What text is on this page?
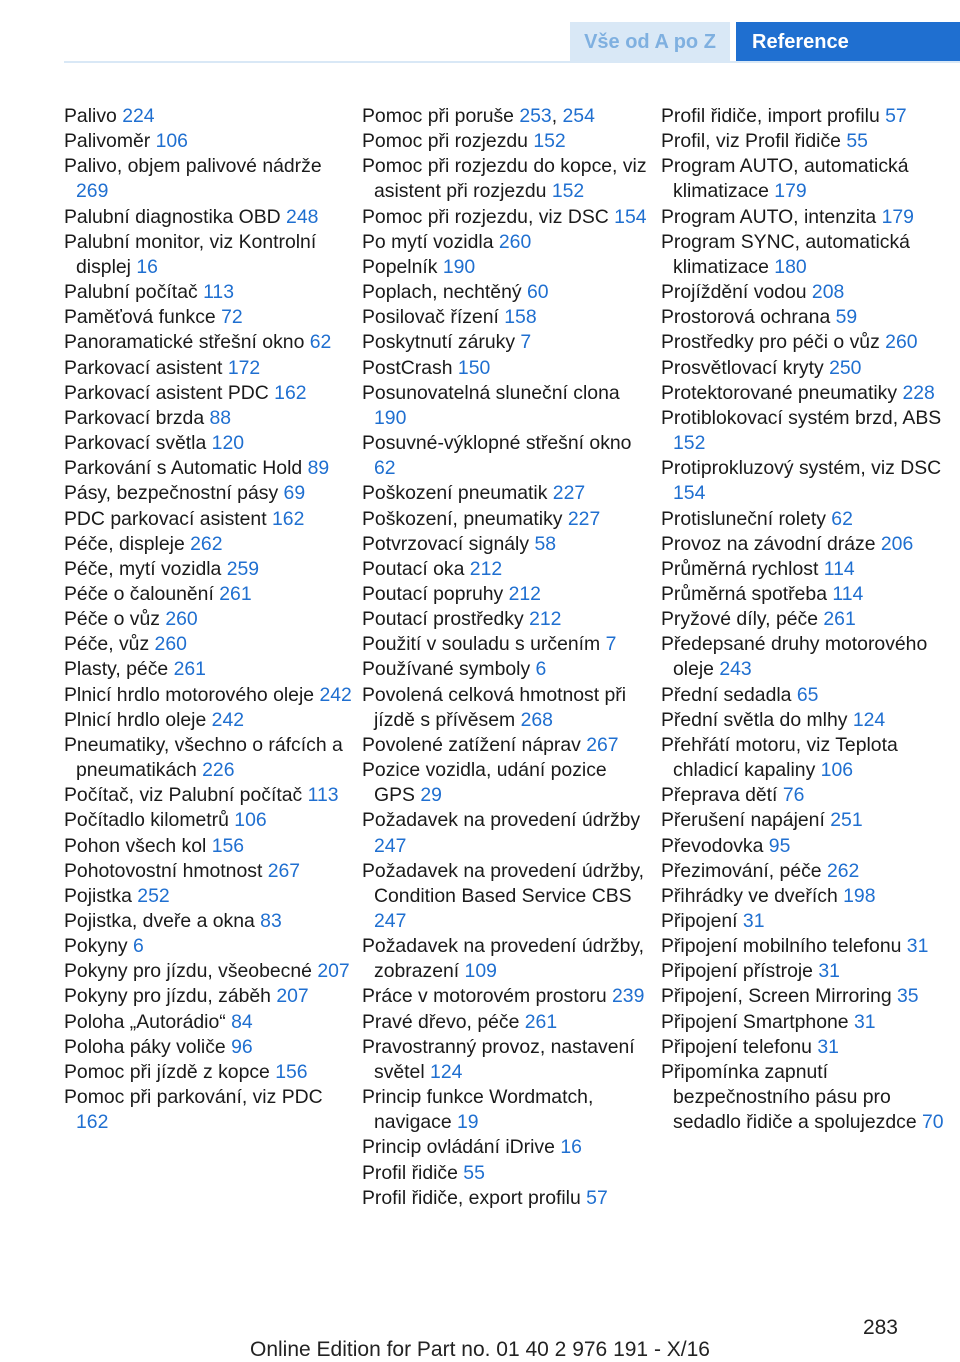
Vše od A po Z	Reference
Palivo 224
Palivoměr 106
Palivo, objem palivové nádrže 269
Palubní diagnostika OBD 248
Palubní monitor, viz Kontrolní displej 16
Palubní počítač 113
Paměťová funkce 72
Panoramatické střešní okno 62
Parkovací asistent 172
Parkovací asistent PDC 162
Parkovací brzda 88
Parkovací světla 120
Parkování s Automatic Hold 89
Pásy, bezpečnostní pásy 69
PDC parkovací asistent 162
Péče, displeje 262
Péče, mytí vozidla 259
Péče o čalounění 261
Péče o vůz 260
Péče, vůz 260
Plasty, péče 261
Plnicí hrdlo motorového oleje 242
Plnicí hrdlo oleje 242
Pneumatiky, všechno o ráfcích a pneumatikách 226
Počítač, viz Palubní počítač 113
Počítadlo kilometrů 106
Pohon všech kol 156
Pohotovostní hmotnost 267
Pojistka 252
Pojistka, dveře a okna 83
Pokyny 6
Pokyny pro jízdu, všeobecné 207
Pokyny pro jízdu, záběh 207
Poloha „Autorádio“ 84
Poloha páky voliče 96
Pomoc při jízdě z kopce 156
Pomoc při parkování, viz PDC 162
Pomoc při poruše 253, 254
Pomoc při rozjezdu 152
Pomoc při rozjezdu do kopce, viz asistent při rozjezdu 152
Pomoc při rozjezdu, viz DSC 154
Po mytí vozidla 260
Popelník 190
Poplach, nechtěný 60
Posilovač řízení 158
Poskytnutí záruky 7
PostCrash 150
Posunovatelná sluneční clona 190
Posuvné-výklopné střešní okno 62
Poškození pneumatik 227
Poškození, pneumatiky 227
Potvrzovací signály 58
Poutací oka 212
Poutací popruhy 212
Poutací prostředky 212
Použití v souladu s určením 7
Používané symboly 6
Povolená celková hmotnost při jízdě s přívěsem 268
Povolené zatížení náprav 267
Pozice vozidla, udání pozice GPS 29
Požadavek na provedení údržby 247
Požadavek na provedení údržby, Condition Based Service CBS 247
Požadavek na provedení údržby, zobrazení 109
Práce v motorovém prostoru 239
Pravé dřevo, péče 261
Pravostranný provoz, nastavení světel 124
Princip funkce Wordmatch, navigace 19
Princip ovládání iDrive 16
Profil řidiče 55
Profil řidiče, export profilu 57
Profil řidiče, import profilu 57
Profil, viz Profil řidiče 55
Program AUTO, automatická klimatizace 179
Program AUTO, intenzita 179
Program SYNC, automatická klimatizace 180
Projíždění vodou 208
Prostorová ochrana 59
Prostředky pro péči o vůz 260
Prosvětlovací kryty 250
Protektorované pneumatiky 228
Protiblokovací systém brzd, ABS 152
Protiprokluzový systém, viz DSC 154
Protisluneční rolety 62
Provoz na závodní dráze 206
Průměrná rychlost 114
Průměrná spotřeba 114
Pryžové díly, péče 261
Předepsané druhy motorového oleje 243
Přední sedadla 65
Přední světla do mlhy 124
Přehřátí motoru, viz Teplota chladicí kapaliny 106
Přeprava dětí 76
Přerušení napájení 251
Převodovka 95
Přezimování, péče 262
Přihrádky ve dveřích 198
Připojení 31
Připojení mobilního telefonu 31
Připojení přístroje 31
Připojení, Screen Mirroring 35
Připojení Smartphone 31
Připojení telefonu 31
Připomínka zapnutí bezpečnostního pásu pro sedadlo řidiče a spolujezdce 70
283
Online Edition for Part no. 01 40 2 976 191 - X/16
